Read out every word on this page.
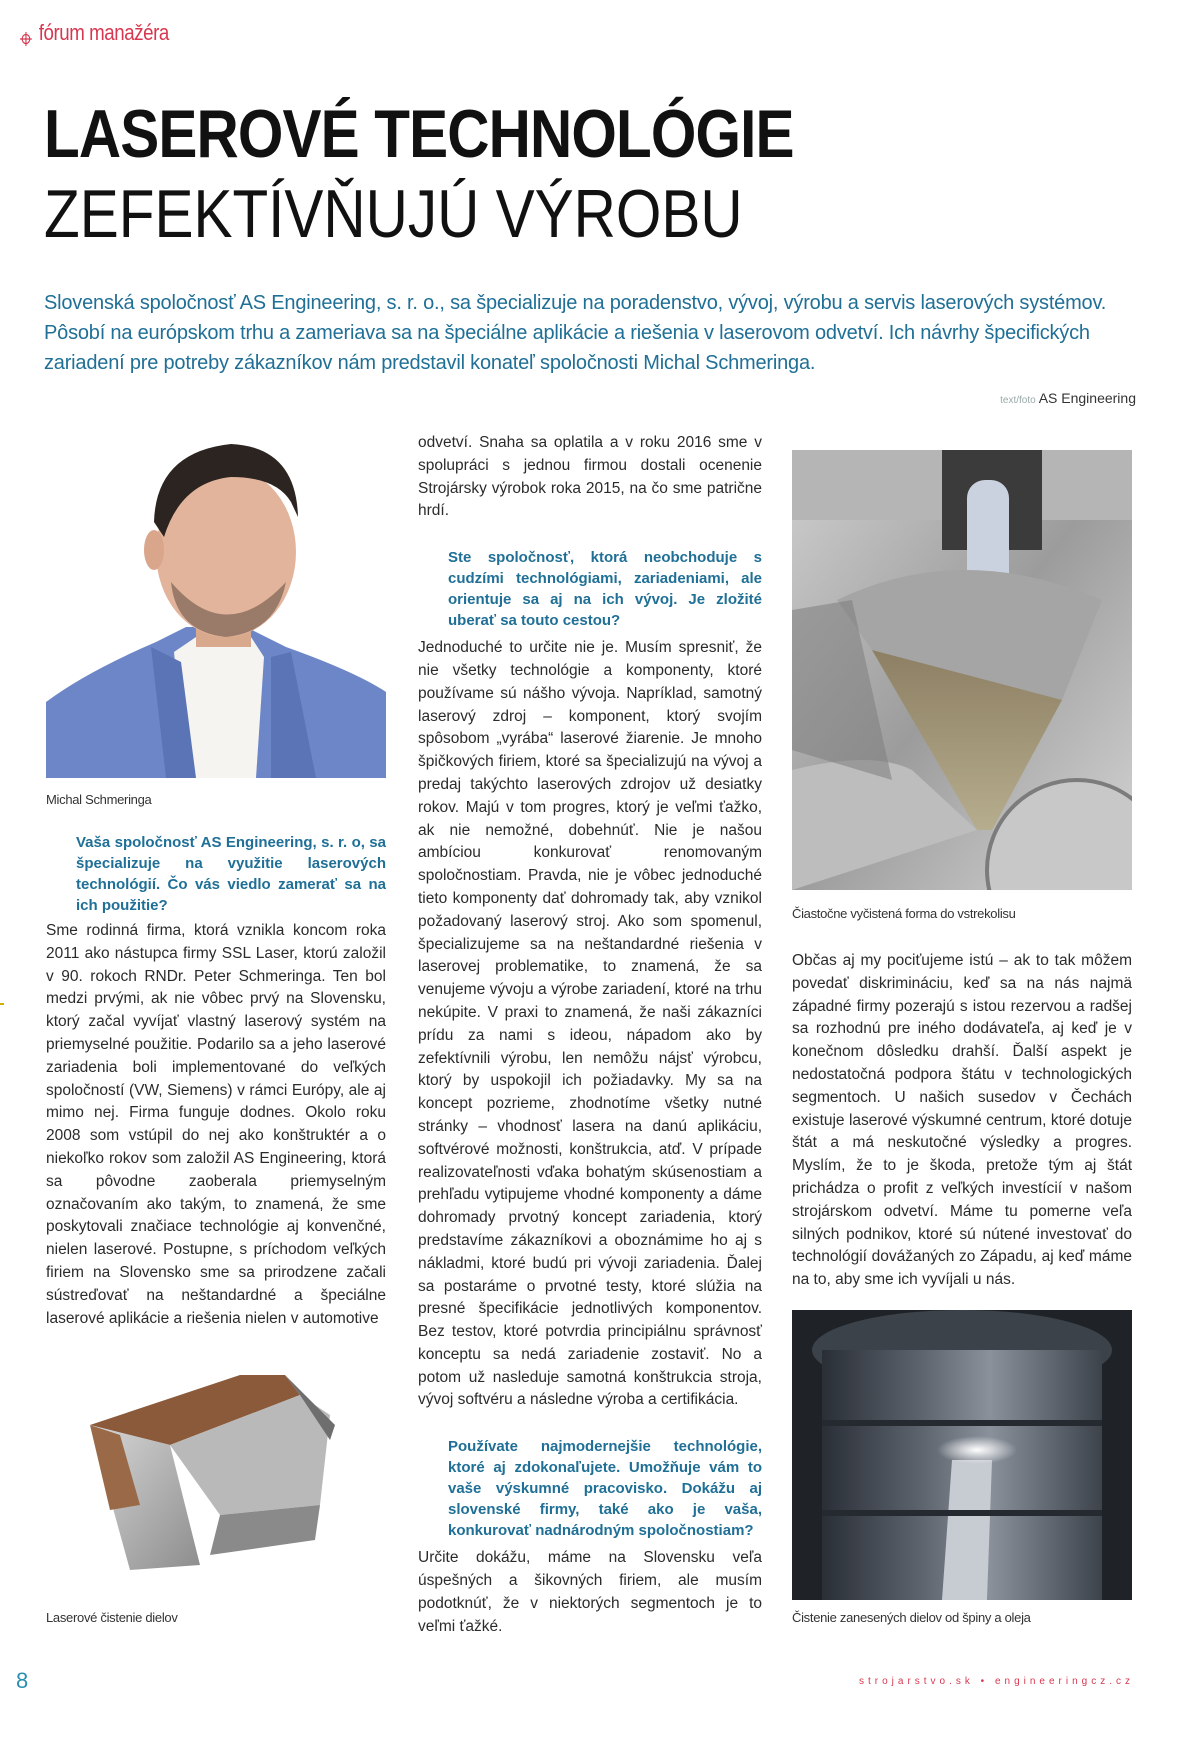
fórum manažéra
LASEROVÉ TECHNOLÓGIE
ZEFEKTÍVŇUJÚ VÝROBU
Slovenská spoločnosť AS Engineering, s. r. o., sa špecializuje na poradenstvo, vývoj, výrobu a servis laserových systémov. Pôsobí na európskom trhu a zameriava sa na špeciálne aplikácie a riešenia v laserovom odvetví. Ich návrhy špecifických zariadení pre potreby zákazníkov nám predstavil konateľ spoločnosti Michal Schmeringa.
text/foto AS Engineering
Michal Schmeringa

Vaša spoločnosť AS Engineering, s. r. o, sa špecializuje na využitie laserových technológií. Čo vás viedlo zamerať sa na ich použitie?

Sme rodinná firma, ktorá vznikla koncom roka 2011 ako nástupca firmy SSL Laser, ktorú založil v 90. rokoch RNDr. Peter Schmeringa. Ten bol medzi prvými, ak nie vôbec prvý na Slovensku, ktorý začal vyvíjať vlastný laserový systém na priemyselné použitie. Podarilo sa a jeho laserové zariadenia boli implementované do veľkých spoločností (VW, Siemens) v rámci Európy, ale aj mimo nej. Firma funguje dodnes. Okolo roku 2008 som vstúpil do nej ako konštruktér a o niekoľko rokov som založil AS Engineering, ktorá sa pôvodne zaoberala priemyselným označovaním ako takým, to znamená, že sme poskytovali značiace technológie aj konvenčné, nielen laserové. Postupne, s príchodom veľkých firiem na Slovensko sme sa prirodzene začali sústreďovať na neštandardné a špeciálne laserové aplikácie a riešenia nielen v automotive

Laserové čistenie dielov

odvetví. Snaha sa oplatila a v roku 2016 sme v spolupráci s jednou firmou dostali ocenenie Strojársky výrobok roka 2015, na čo sme patrične hrdí.

Ste spoločnosť, ktorá neobchoduje s cudzími technológiami, zariadeniami, ale orientuje sa aj na ich vývoj. Je zložité uberať sa touto cestou?

Jednoduché to určite nie je. Musím spresniť, že nie všetky technológie a komponenty, ktoré používame sú nášho vývoja. Napríklad, samotný laserový zdroj – komponent, ktorý svojím spôsobom „vyrába“ laserové žiarenie. Je mnoho špičkových firiem, ktoré sa špecializujú na vývoj a predaj takýchto laserových zdrojov už desiatky rokov. Majú v tom progres, ktorý je veľmi ťažko, ak nie nemožné, dobehnúť. Nie je našou ambíciou konkurovať renomovaným spoločnostiam. Pravda, nie je vôbec jednoduché tieto komponenty dať dohromady tak, aby vznikol požadovaný laserový stroj. Ako som spomenul, špecializujeme sa na neštandardné riešenia v laserovej problematike, to znamená, že sa venujeme vývoju a výrobe zariadení, ktoré na trhu nekúpite. V praxi to znamená, že naši zákazníci prídu za nami s ideou, nápadom ako by zefektívnili výrobu, len nemôžu nájsť výrobcu, ktorý by uspokojil ich požiadavky. My sa na koncept pozrieme, zhodnotíme všetky nutné stránky – vhodnosť lasera na danú aplikáciu, softvérové možnosti, konštrukcia, atď. V prípade realizovateľnosti vďaka bohatým skúsenostiam a prehľadu vytipujeme vhodné komponenty a dáme dohromady prvotný koncept zariadenia, ktorý predstavíme zákazníkovi a oboznámime ho aj s nákladmi, ktoré budú pri vývoji zariadenia. Ďalej sa postaráme o prvotné testy, ktoré slúžia na presné špecifikácie jednotlivých komponentov. Bez testov, ktoré potvrdia principiálnu správnosť konceptu sa nedá zariadenie zostaviť. No a potom už nasleduje samotná konštrukcia stroja, vývoj softvéru a následne výroba a certifikácia.

Používate najmodernejšie technológie, ktoré aj zdokonaľujete. Umožňuje vám to vaše výskumné pracovisko. Dokážu aj slovenské firmy, také ako je vaša, konkurovať nadnárodným spoločnostiam?

Určite dokážu, máme na Slovensku veľa úspešných a šikovných firiem, ale musím podotknúť, že v niektorých segmentoch je to veľmi ťažké.

Čiastočne vyčistená forma do vstrekolisu

Občas aj my pociťujeme istú – ak to tak môžem povedať diskrimináciu, keď sa na nás najmä západné firmy pozerajú s istou rezervou a radšej sa rozhodnú pre iného dodávateľa, aj keď je v konečnom dôsledku drahší. Ďalší aspekt je nedostatočná podpora štátu v technologických segmentoch. U našich susedov v Čechách existuje laserové výskumné centrum, ktoré dotuje štát a má neskutočné výsledky a progres. Myslím, že to je škoda, pretože tým aj štát prichádza o profit z veľkých investícií v našom strojárskom odvetví. Máme tu pomerne veľa silných podnikov, ktoré sú nútené investovať do technológií dovážaných zo Západu, aj keď máme na to, aby sme ich vyvíjali u nás.

Čistenie zanesených dielov od špiny a oleja
8	strojarstvo.sk • engineeringcz.cz
